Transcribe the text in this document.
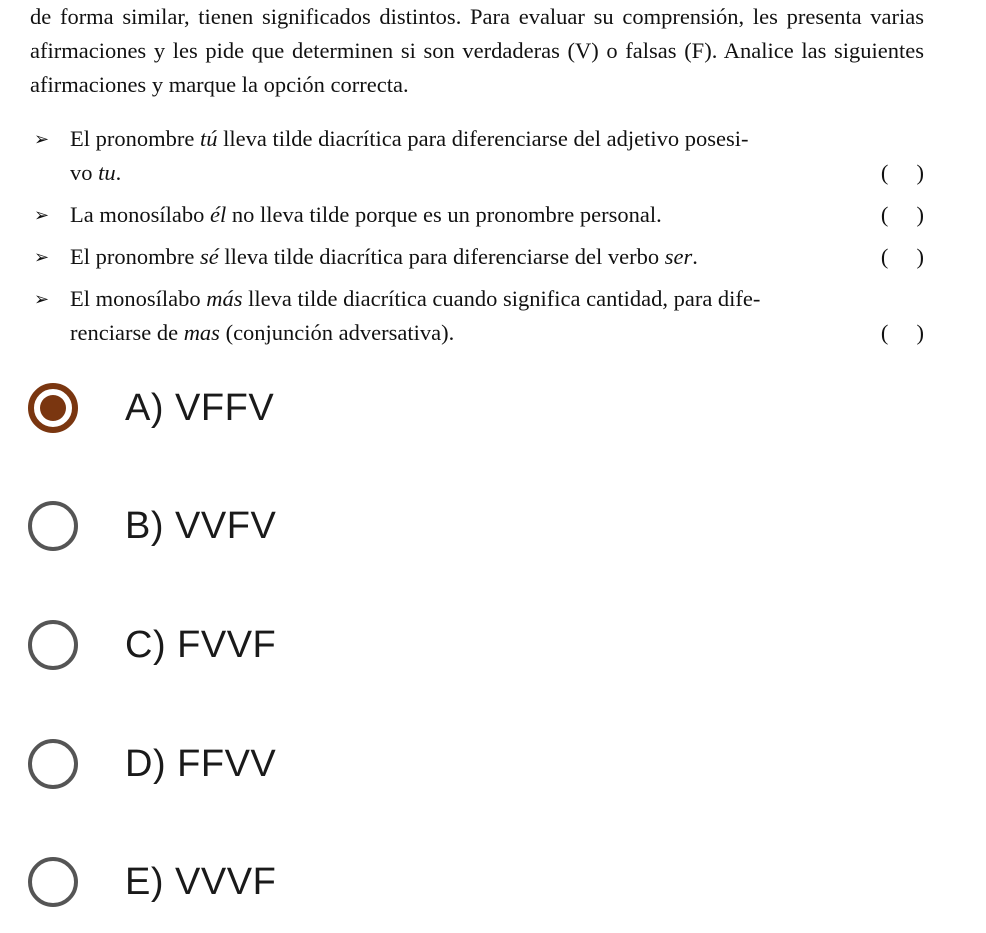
de forma similar, tienen significados distintos. Para evaluar su comprensión, les presenta varias afirmaciones y les pide que determinen si son verdaderas (V) o falsas (F). Analice las siguientes afirmaciones y marque la opción correcta.

➢ El pronombre tú lleva tilde diacrítica para diferenciarse del adjetivo posesi-
vo tu.	(     )
➢ La monosílabo él no lleva tilde porque es un pronombre personal.	(     )
➢ El pronombre sé lleva tilde diacrítica para diferenciarse del verbo ser.	(     )
➢ El monosílabo más lleva tilde diacrítica cuando significa cantidad, para dife-
renciarse de mas (conjunción adversativa).	(     )
A) VFFV
B) VVFV
C) FVVF
D) FFVV
E) VVVF
